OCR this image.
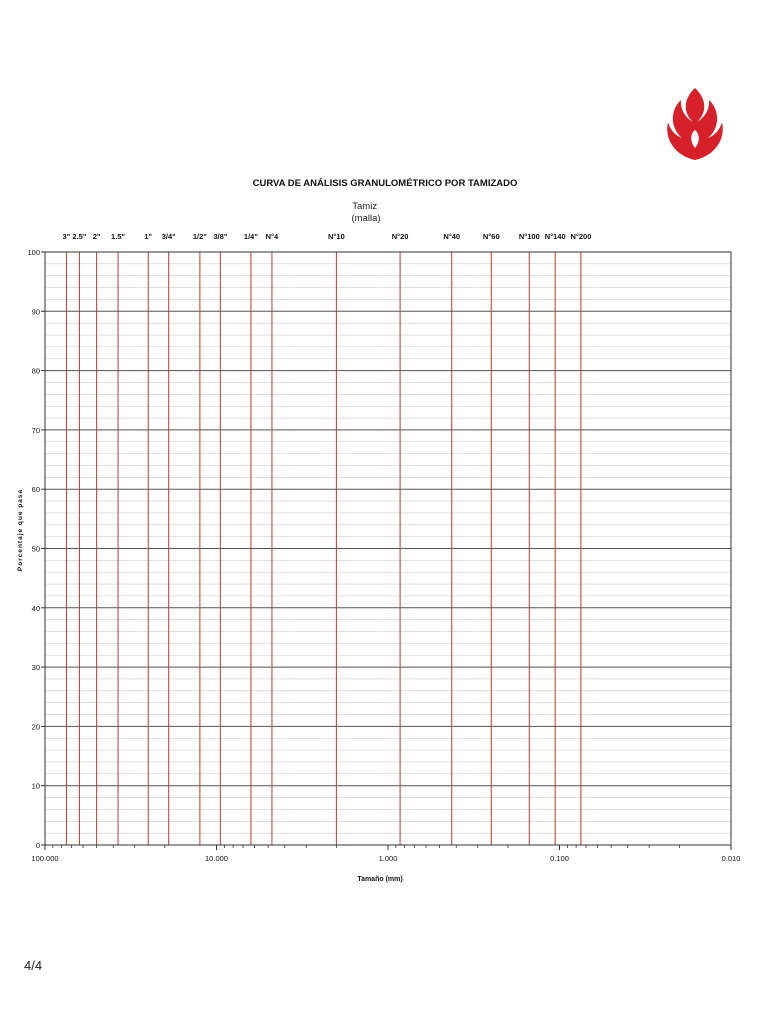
CURVA DE ANÁLISIS GRANULOMÉTRICO POR TAMIZADO
Tamiz (malla)
3" 2.5" 2" 1.5"	1" 3/4" 1/2" 3/8" 1/4" N°4	N°10	N°20	N°40	N°60	N°100 N°140 N°200
0
10
20
30
40
50
60
70
80
90
100
100.000	10.000	1.000	0.100	0.010
Tamaño (mm)
Porcentaje que pasa
4/4
